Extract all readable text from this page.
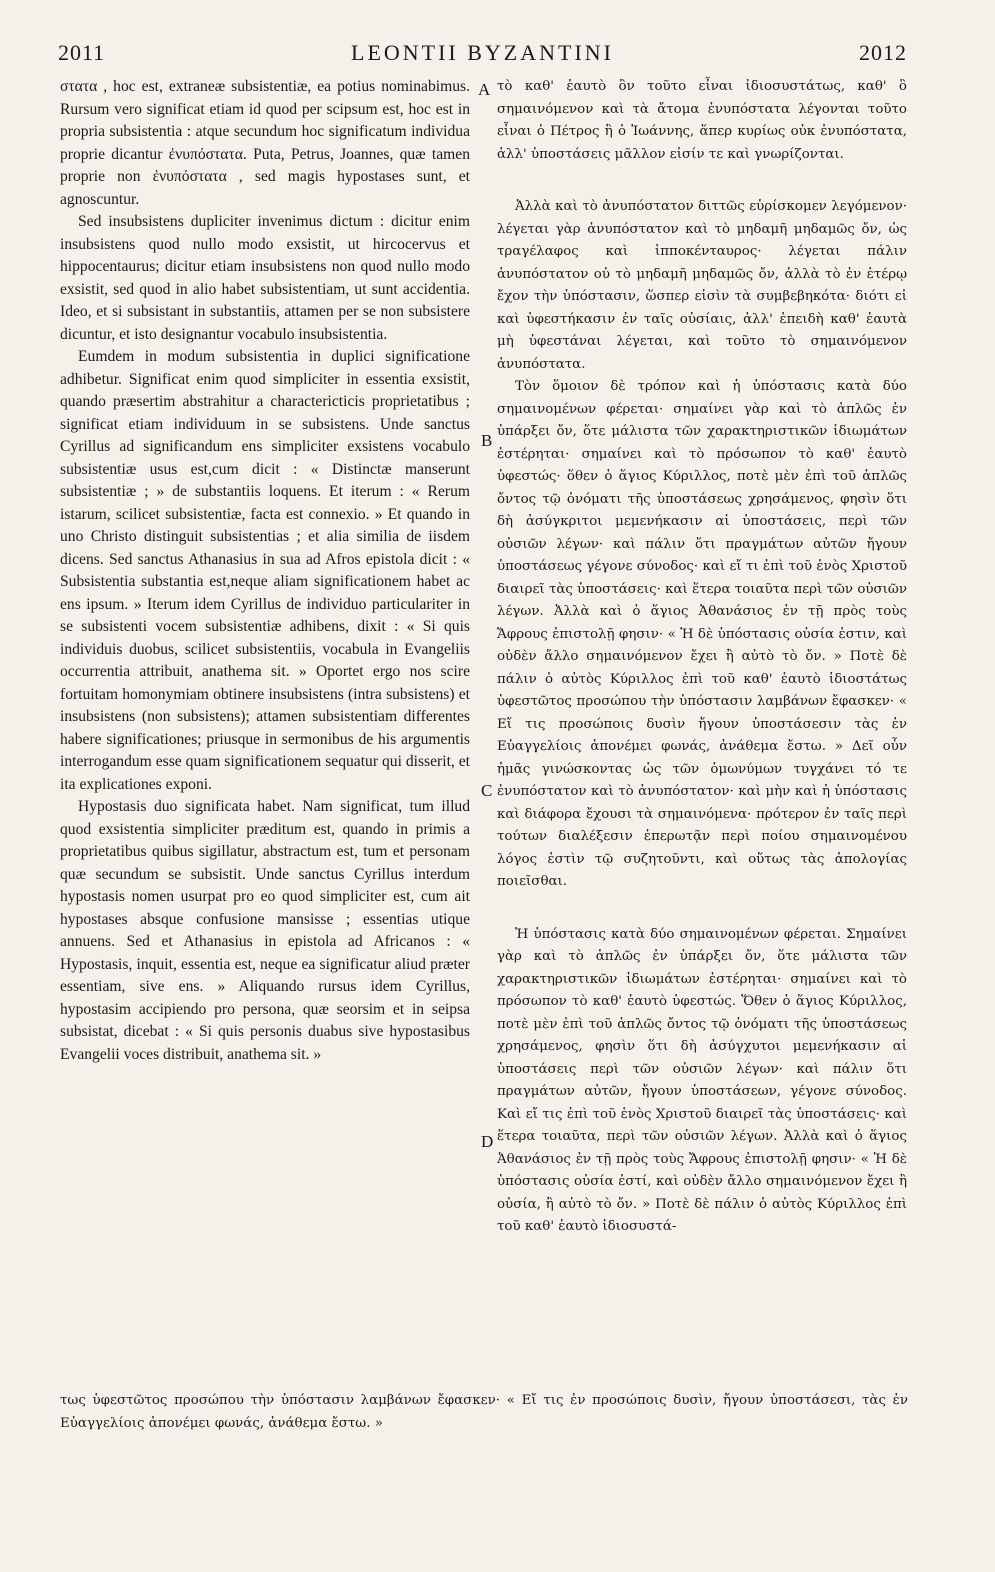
2011	LEONTII BYZANTINI	2012
A
B
C
D

στατα , hoc est, extraneæ subsistentiæ, ea potius nominabimus. Rursum vero significat etiam id quod per scipsum est, hoc est in propria subsistentia : atque secundum hoc significatum individua proprie dicantur ἐνυπόστατα. Puta, Petrus, Joannes, quæ tamen proprie non ἐνυπόστατα , sed magis hypostases sunt, et agnoscuntur.

Sed insubsistens dupliciter invenimus dictum : dicitur enim insubsistens quod nullo modo exsistit, ut hircocervus et hippocentaurus; dicitur etiam insubsistens non quod nullo modo exsistit, sed quod in alio habet subsistentiam, ut sunt accidentia. Ideo, et si subsistant in substantiis, attamen per se non subsistere dicuntur, et isto designantur vocabulo insubsistentia.

Eumdem in modum subsistentia in duplici significatione adhibetur. Significat enim quod simpliciter in essentia exsistit, quando præsertim abstrahitur a charactericticis proprietatibus ; significat etiam individuum in se subsistens. Unde sanctus Cyrillus ad significandum ens simpliciter exsistens vocabulo subsistentiæ usus est,cum dicit : « Distinctæ manserunt subsistentiæ ; » de substantiis loquens. Et iterum : « Rerum istarum, scilicet subsistentiæ, facta est connexio. » Et quando in uno Christo distinguit subsistentias ; et alia similia de iisdem dicens. Sed sanctus Athanasius in sua ad Afros epistola dicit : « Subsistentia substantia est,neque aliam significationem habet ac ens ipsum. » Iterum idem Cyrillus de individuo particulariter in se subsistenti vocem subsistentiæ adhibens, dixit : « Si quis individuis duobus, scilicet subsistentiis, vocabula in Evangeliis occurrentia attribuit, anathema sit. » Oportet ergo nos scire fortuitam homonymiam obtinere insubsistens (intra subsistens) et insubsistens (non subsistens); attamen subsistentiam differentes habere significationes; priusque in sermonibus de his argumentis interrogandum esse quam significationem sequatur qui disserit, et ita explicationes exponi.

Hypostasis duo significata habet. Nam significat, tum illud quod exsistentia simpliciter præditum est, quando in primis a proprietatibus quibus sigillatur, abstractum est, tum et personam quæ secundum se subsistit. Unde sanctus Cyrillus interdum hypostasis nomen usurpat pro eo quod simpliciter est, cum ait hypostases absque confusione mansisse ; essentias utique annuens. Sed et Athanasius in epistola ad Africanos : « Hypostasis, inquit, essentia est, neque ea significatur aliud præter essentiam, sive ens. » Aliquando rursus idem Cyrillus, hypostasim accipiendo pro persona, quæ seorsim et in seipsa subsistat, dicebat : « Si quis personis duabus sive hypostasibus Evangelii voces distribuit, anathema sit. »

τὸ καθ' ἑαυτὸ ὂν τοῦτο εἶναι ἰδιοσυστάτως, καθ' ὃ σημαινόμενον καὶ τὰ ἄτομα ἐνυπόστατα λέγονται τοῦτο εἶναι ὁ Πέτρος ἢ ὁ Ἰωάννης, ἅπερ κυρίως οὐκ ἐνυπόστατα, ἀλλ' ὑποστάσεις μᾶλλον εἰσίν τε καὶ γνωρίζονται.

Ἀλλὰ καὶ τὸ ἀνυπόστατον διττῶς εὑρίσκομεν λεγόμενον· λέγεται γὰρ ἀνυπόστατον καὶ τὸ μηδαμῆ μηδαμῶς ὄν, ὡς τραγέλαφος καὶ ἱπποκένταυρος· λέγεται πάλιν ἀνυπόστατον οὐ τὸ μηδαμῆ μηδαμῶς ὄν, ἀλλὰ τὸ ἐν ἑτέρῳ ἔχον τὴν ὑπόστασιν, ὥσπερ εἰσὶν τὰ συμβεβηκότα· διότι εἰ καὶ ὑφεστήκασιν ἐν ταῖς οὐσίαις, ἀλλ' ἐπειδὴ καθ' ἑαυτὰ μὴ ὑφεστάναι λέγεται, καὶ τοῦτο τὸ σημαινόμενον ἀνυπόστατα.

Τὸν ὅμοιον δὲ τρόπον καὶ ἡ ὑπόστασις κατὰ δύο σημαινομένων φέρεται· σημαίνει γὰρ καὶ τὸ ἁπλῶς ἐν ὑπάρξει ὄν, ὅτε μάλιστα τῶν χαρακτηριστικῶν ἰδιωμάτων ἐστέρηται· σημαίνει καὶ τὸ πρόσωπον τὸ καθ' ἑαυτὸ ὑφεστώς· ὅθεν ὁ ἅγιος Κύριλλος, ποτὲ μὲν ἐπὶ τοῦ ἁπλῶς ὄντος τῷ ὀνόματι τῆς ὑποστάσεως χρησάμενος, φησὶν ὅτι δὴ ἀσύγκριτοι μεμενήκασιν αἱ ὑποστάσεις, περὶ τῶν οὐσιῶν λέγων· καὶ πάλιν ὅτι πραγμάτων αὐτῶν ἤγουν ὑποστάσεως γέγονε σύνοδος· καὶ εἴ τι ἐπὶ τοῦ ἑνὸς Χριστοῦ διαιρεῖ τὰς ὑποστάσεις· καὶ ἕτερα τοιαῦτα περὶ τῶν οὐσιῶν λέγων. Ἀλλὰ καὶ ὁ ἅγιος Ἀθανάσιος ἐν τῇ πρὸς τοὺς Ἄφρους ἐπιστολῇ φησιν· « Ἡ δὲ ὑπόστασις οὐσία ἐστιν, καὶ οὐδὲν ἄλλο σημαινόμενον ἔχει ἢ αὐτὸ τὸ ὄν. » Ποτὲ δὲ πάλιν ὁ αὐτὸς Κύριλλος ἐπὶ τοῦ καθ' ἑαυτὸ ἰδιοστάτως ὑφεστῶτος προσώπου τὴν ὑπόστασιν λαμβάνων ἔφασκεν· « Εἴ τις προσώποις δυσὶν ἤγουν ὑποστάσεσιν τὰς ἐν Εὐαγγελίοις ἀπονέμει φωνάς, ἀνάθεμα ἔστω. » Δεῖ οὖν ἡμᾶς γινώσκοντας ὡς τῶν ὁμωνύμων τυγχάνει τό τε ἐνυπόστατον καὶ τὸ ἀνυπόστατον· καὶ μὴν καὶ ἡ ὑπόστασις καὶ διάφορα ἔχουσι τὰ σημαινόμενα· πρότερον ἐν ταῖς περὶ τούτων διαλέξεσιν ἐπερωτᾷν περὶ ποίου σημαινομένου λόγος ἐστὶν τῷ συζητοῦντι, καὶ οὕτως τὰς ἀπολογίας ποιεῖσθαι.

Ἡ ὑπόστασις κατὰ δύο σημαινομένων φέρεται. Σημαίνει γὰρ καὶ τὸ ἁπλῶς ἐν ὑπάρξει ὄν, ὅτε μάλιστα τῶν χαρακτηριστικῶν ἰδιωμάτων ἐστέρηται· σημαίνει καὶ τὸ πρόσωπον τὸ καθ' ἑαυτὸ ὑφεστώς. Ὅθεν ὁ ἅγιος Κύριλλος, ποτὲ μὲν ἐπὶ τοῦ ἁπλῶς ὄντος τῷ ὀνόματι τῆς ὑποστάσεως χρησάμενος, φησὶν ὅτι δὴ ἀσύγχυτοι μεμενήκασιν αἱ ὑποστάσεις περὶ τῶν οὐσιῶν λέγων· καὶ πάλιν ὅτι πραγμάτων αὐτῶν, ἤγουν ὑποστάσεων, γέγονε σύνοδος. Καὶ εἴ τις ἐπὶ τοῦ ἑνὸς Χριστοῦ διαιρεῖ τὰς ὑποστάσεις· καὶ ἕτερα τοιαῦτα, περὶ τῶν οὐσιῶν λέγων. Ἀλλὰ καὶ ὁ ἅγιος Ἀθανάσιος ἐν τῇ πρὸς τοὺς Ἄφρους ἐπιστολῇ φησιν· « Ἡ δὲ ὑπόστασις οὐσία ἐστί, καὶ οὐδὲν ἄλλο σημαινόμενον ἔχει ἢ οὐσία, ἢ αὐτὸ τὸ ὄν. » Ποτὲ δὲ πάλιν ὁ αὐτὸς Κύριλλος ἐπὶ τοῦ καθ' ἑαυτὸ ἰδιοσυστά-

τως ὑφεστῶτος προσώπου τὴν ὑπόστασιν λαμβάνων ἔφασκεν· « Εἴ τις ἐν προσώποις δυσὶν, ἤγουν ὑποστάσεσι, τὰς ἐν Εὐαγγελίοις ἀπονέμει φωνάς, ἀνάθεμα ἔστω. »
